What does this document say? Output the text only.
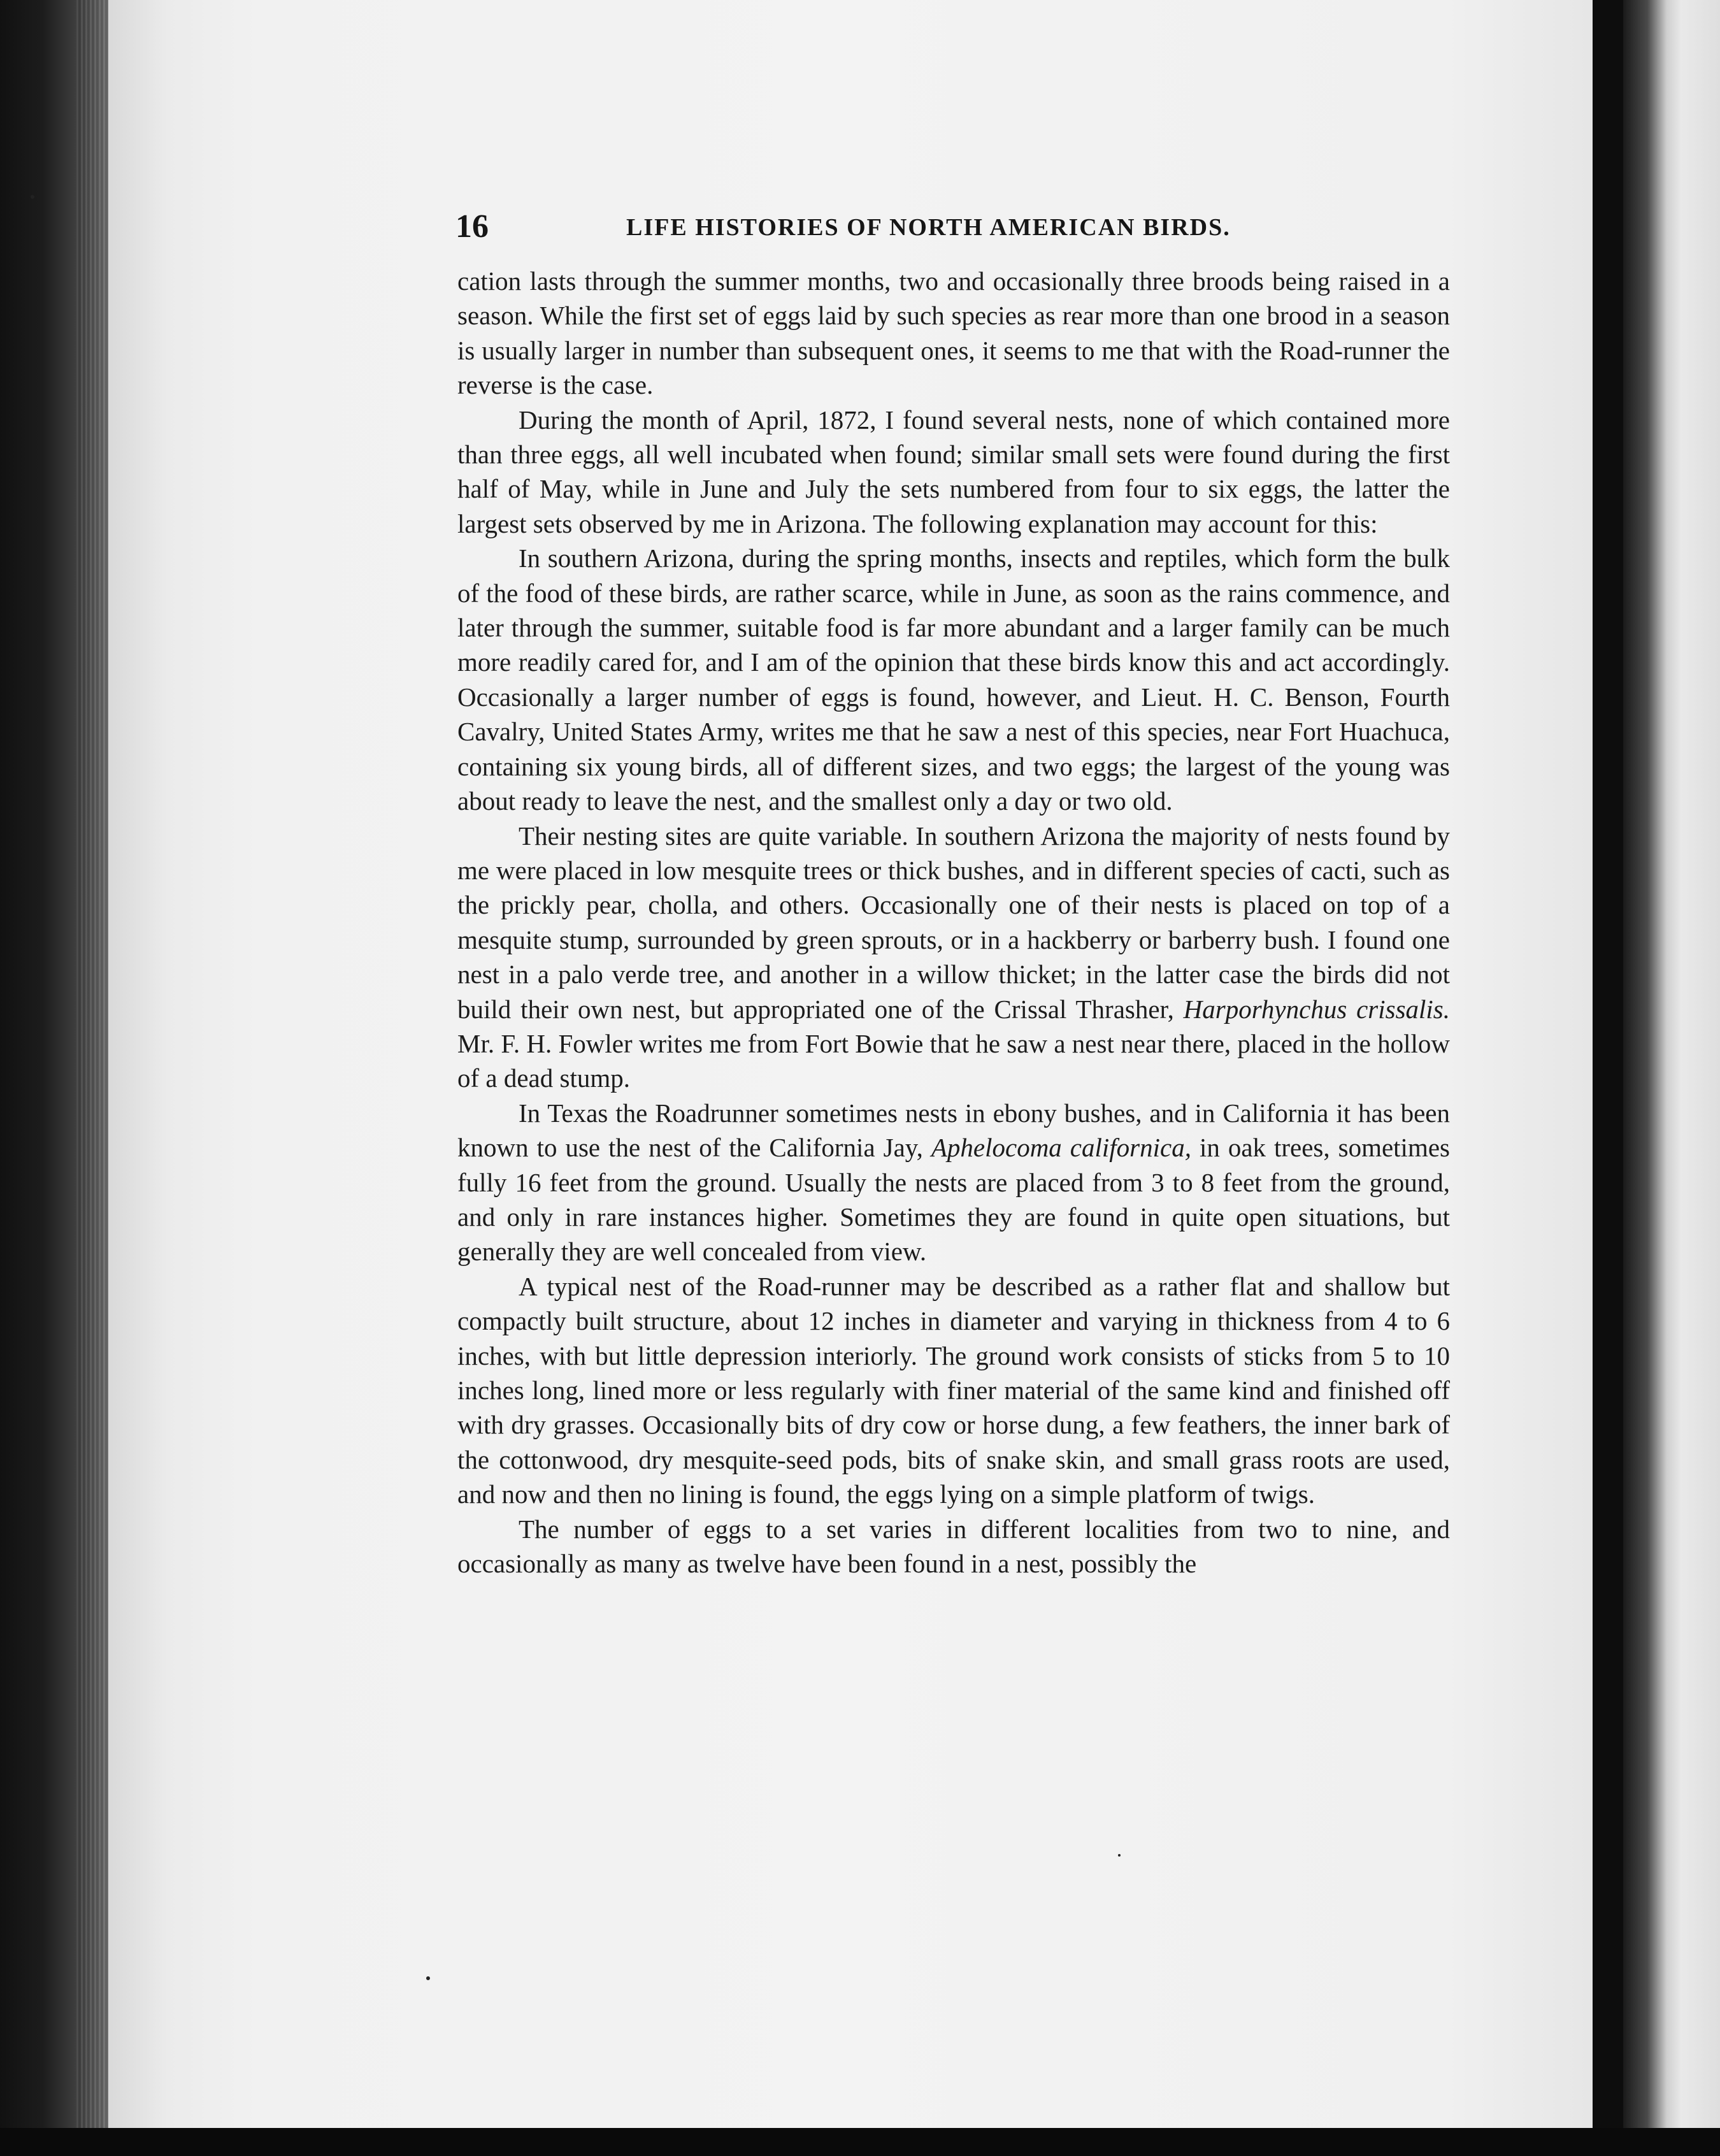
16	LIFE HISTORIES OF NORTH AMERICAN BIRDS.

cation lasts through the summer months, two and occasionally three broods being raised in a season. While the first set of eggs laid by such species as rear more than one brood in a season is usually larger in number than subsequent ones, it seems to me that with the Road-runner the reverse is the case.

During the month of April, 1872, I found several nests, none of which contained more than three eggs, all well incubated when found; similar small sets were found during the first half of May, while in June and July the sets numbered from four to six eggs, the latter the largest sets observed by me in Arizona. The following explanation may account for this:

In southern Arizona, during the spring months, insects and reptiles, which form the bulk of the food of these birds, are rather scarce, while in June, as soon as the rains commence, and later through the summer, suitable food is far more abundant and a larger family can be much more readily cared for, and I am of the opinion that these birds know this and act accordingly. Occasionally a larger number of eggs is found, however, and Lieut. H. C. Benson, Fourth Cavalry, United States Army, writes me that he saw a nest of this species, near Fort Huachuca, containing six young birds, all of different sizes, and two eggs; the largest of the young was about ready to leave the nest, and the smallest only a day or two old.

Their nesting sites are quite variable. In southern Arizona the majority of nests found by me were placed in low mesquite trees or thick bushes, and in different species of cacti, such as the prickly pear, cholla, and others. Occasionally one of their nests is placed on top of a mesquite stump, surrounded by green sprouts, or in a hackberry or barberry bush. I found one nest in a palo verde tree, and another in a willow thicket; in the latter case the birds did not build their own nest, but appropriated one of the Crissal Thrasher, Harporhynchus crissalis. Mr. F. H. Fowler writes me from Fort Bowie that he saw a nest near there, placed in the hollow of a dead stump.

In Texas the Roadrunner sometimes nests in ebony bushes, and in California it has been known to use the nest of the California Jay, Aphelocoma californica, in oak trees, sometimes fully 16 feet from the ground. Usually the nests are placed from 3 to 8 feet from the ground, and only in rare instances higher. Sometimes they are found in quite open situations, but generally they are well concealed from view.

A typical nest of the Road-runner may be described as a rather flat and shallow but compactly built structure, about 12 inches in diameter and varying in thickness from 4 to 6 inches, with but little depression interiorly. The ground work consists of sticks from 5 to 10 inches long, lined more or less regularly with finer material of the same kind and finished off with dry grasses. Occasionally bits of dry cow or horse dung, a few feathers, the inner bark of the cottonwood, dry mesquite-seed pods, bits of snake skin, and small grass roots are used, and now and then no lining is found, the eggs lying on a simple platform of twigs.

The number of eggs to a set varies in different localities from two to nine, and occasionally as many as twelve have been found in a nest, possibly the
